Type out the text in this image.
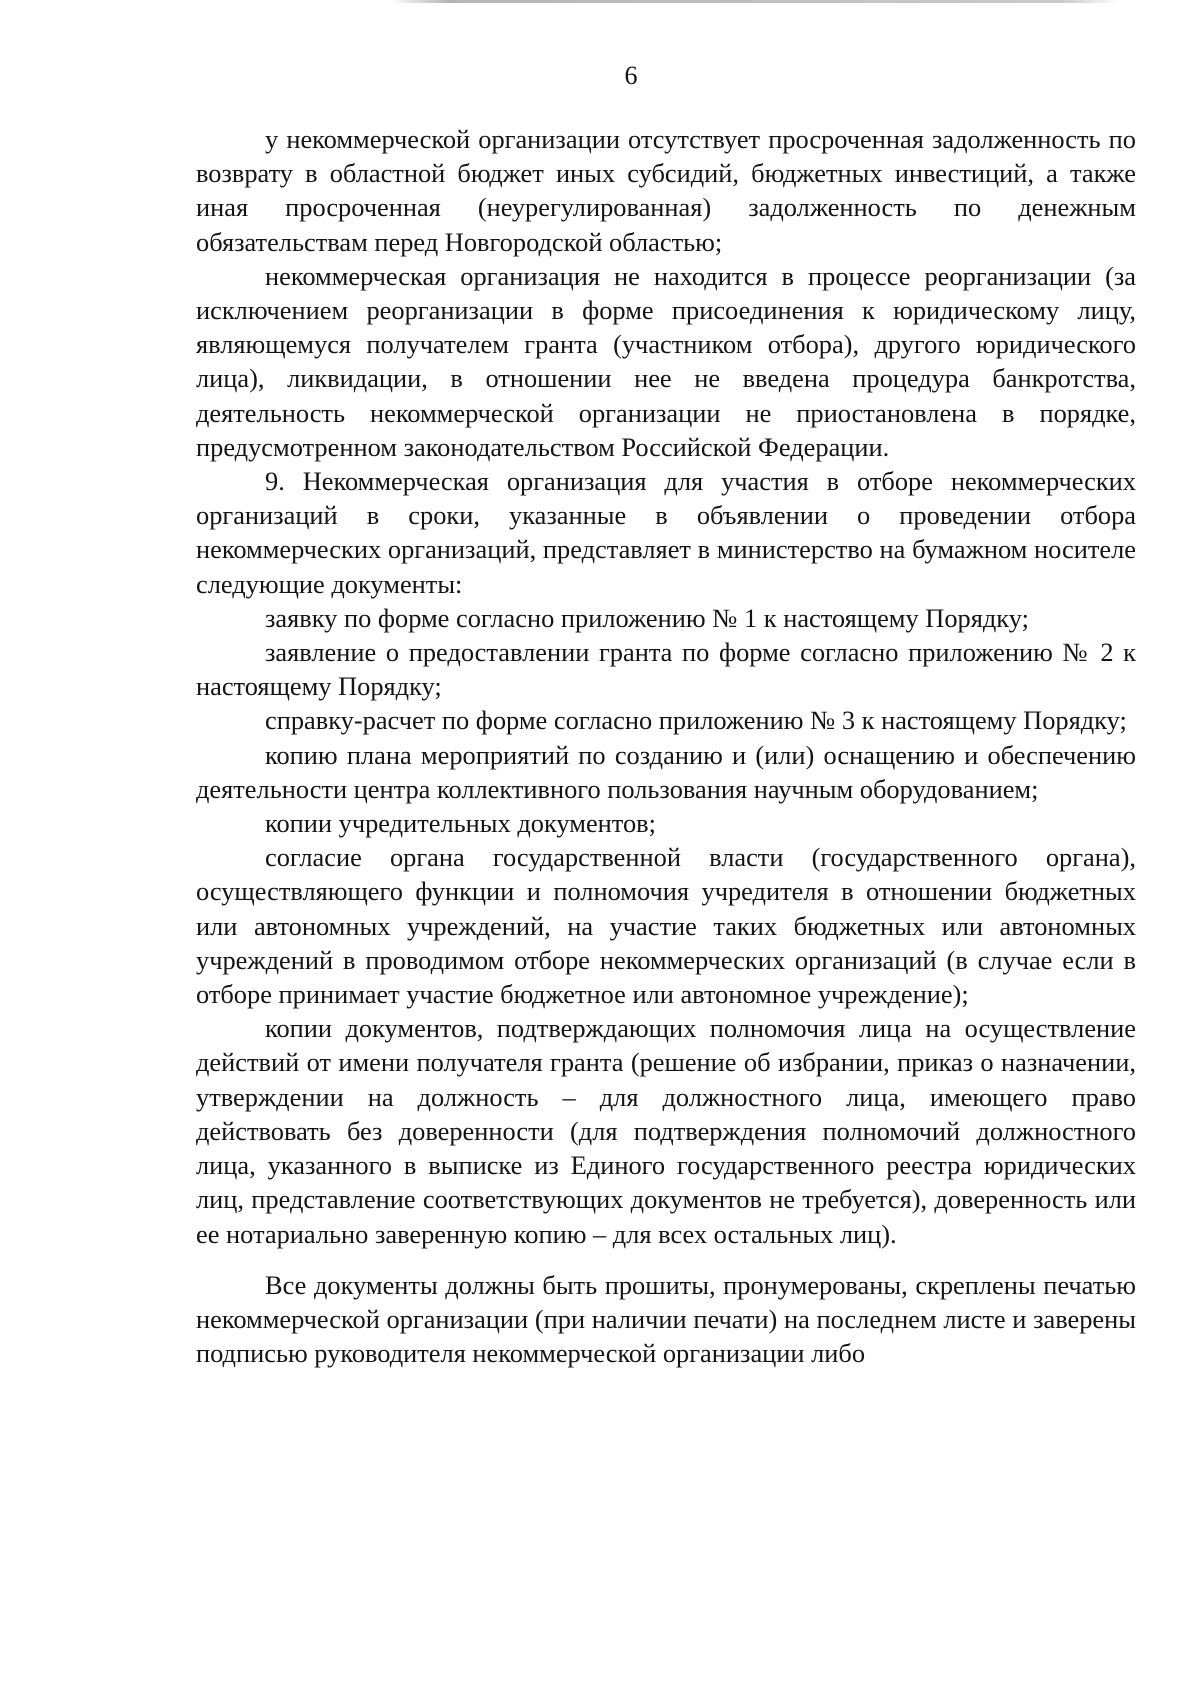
6

у некоммерческой организации отсутствует просроченная задолженность по возврату в областной бюджет иных субсидий, бюджетных инвестиций, а также иная просроченная (неурегулированная) задолженность по денежным обязательствам перед Новгородской областью;

некоммерческая организация не находится в процессе реорганизации (за исключением реорганизации в форме присоединения к юридическому лицу, являющемуся получателем гранта (участником отбора), другого юридического лица), ликвидации, в отношении нее не введена процедура банкротства, деятельность некоммерческой организации не приостановлена в порядке, предусмотренном законодательством Российской Федерации.

9. Некоммерческая организация для участия в отборе некоммерческих организаций в сроки, указанные в объявлении о проведении отбора некоммерческих организаций, представляет в министерство на бумажном носителе следующие документы:

заявку по форме согласно приложению № 1 к настоящему Порядку;

заявление о предоставлении гранта по форме согласно приложению № 2 к настоящему Порядку;

справку-расчет по форме согласно приложению № 3 к настоящему Порядку;

копию плана мероприятий по созданию и (или) оснащению и обеспечению деятельности центра коллективного пользования научным оборудованием;

копии учредительных документов;

согласие органа государственной власти (государственного органа), осуществляющего функции и полномочия учредителя в отношении бюджетных или автономных учреждений, на участие таких бюджетных или автономных учреждений в проводимом отборе некоммерческих организаций (в случае если в отборе принимает участие бюджетное или автономное учреждение);

копии документов, подтверждающих полномочия лица на осуществление действий от имени получателя гранта (решение об избрании, приказ о назначении, утверждении на должность – для должностного лица, имеющего право действовать без доверенности (для подтверждения полномочий должностного лица, указанного в выписке из Единого государственного реестра юридических лиц, представление соответствующих документов не требуется), доверенность или ее нотариально заверенную копию – для всех остальных лиц).

Все документы должны быть прошиты, пронумерованы, скреплены печатью некоммерческой организации (при наличии печати) на последнем листе и заверены подписью руководителя некоммерческой организации либо
